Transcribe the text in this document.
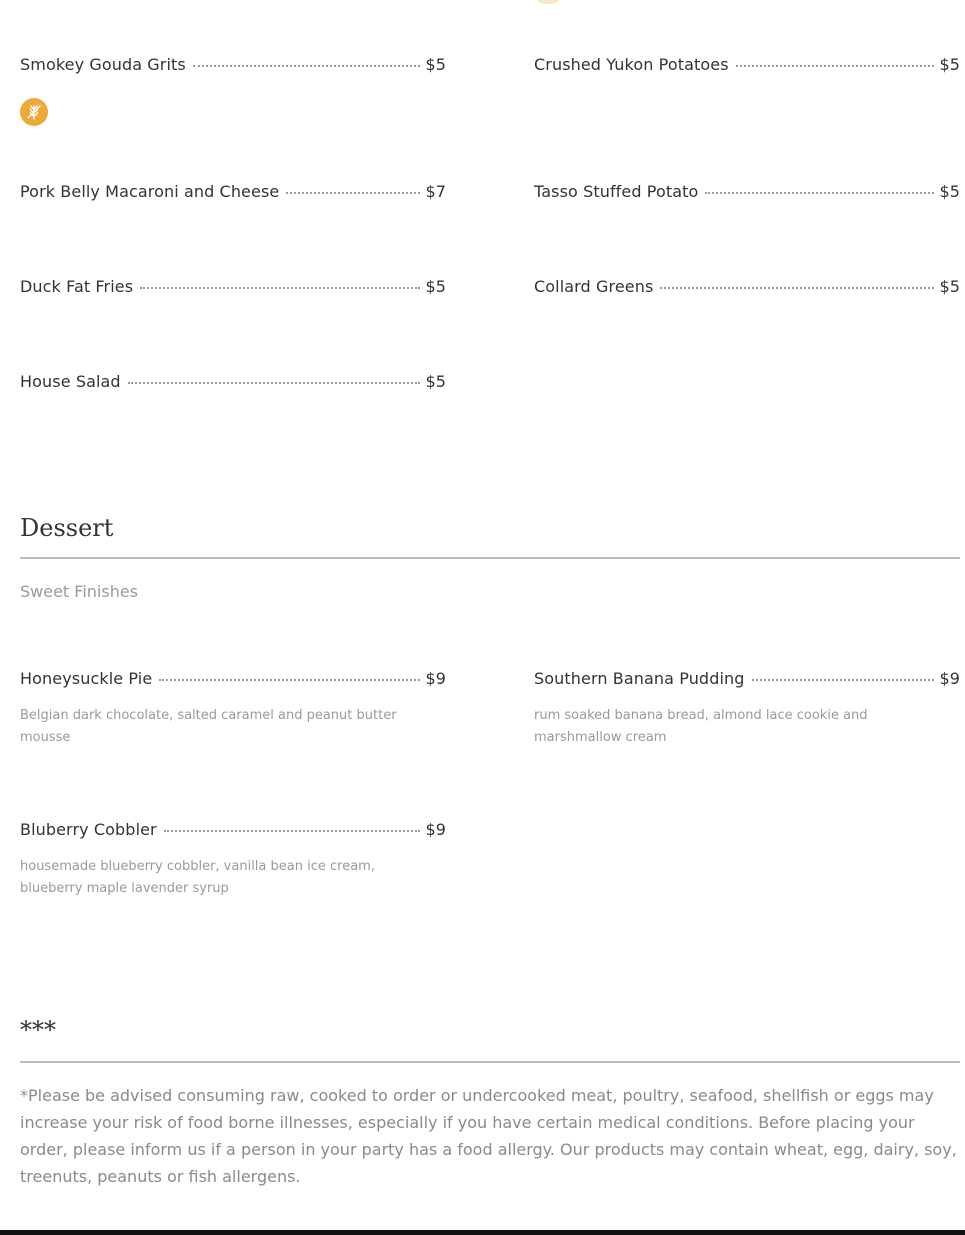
Smokey Gouda Grits	$5	Crushed Yukon Potatoes	$5
Pork Belly Macaroni and Cheese	$7	Tasso Stuffed Potato	$5
Duck Fat Fries	$5	Collard Greens	$5
House Salad	$5
Dessert
Sweet Finishes
Honeysuckle Pie	$9
Belgian dark chocolate, salted caramel and peanut butter mousse
Southern Banana Pudding	$9
rum soaked banana bread, almond lace cookie and marshmallow cream
Bluberry Cobbler	$9
housemade blueberry cobbler, vanilla bean ice cream, blueberry maple lavender syrup
***
*Please be advised consuming raw, cooked to order or undercooked meat, poultry, seafood, shellfish or eggs may increase your risk of food borne illnesses, especially if you have certain medical conditions. Before placing your order, please inform us if a person in your party has a food allergy. Our products may contain wheat, egg, dairy, soy, treenuts, peanuts or fish allergens.
